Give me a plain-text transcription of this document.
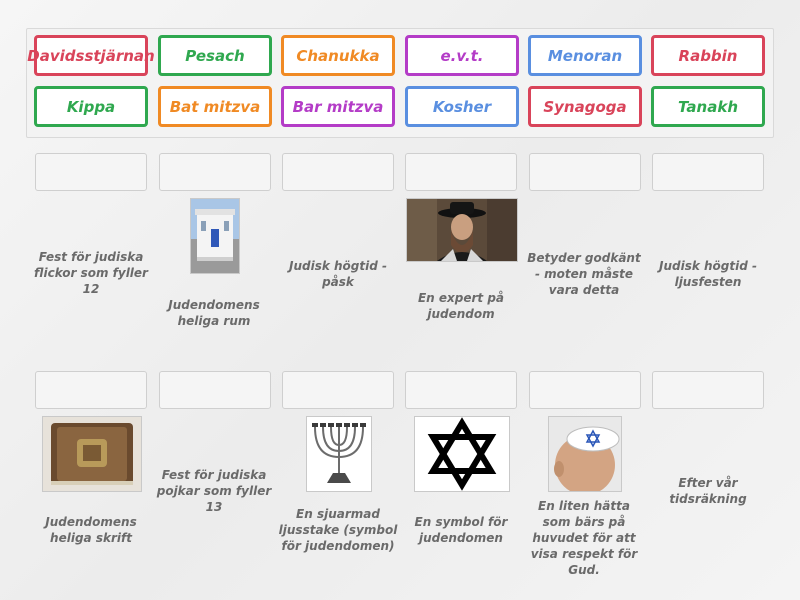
Davidsstjärnan	Pesach	Chanukka	e.v.t.	Menoran	Rabbin
Kippa	Bat mitzva	Bar mitzva	Kosher	Synagoga	Tanakh
Fest för judiska flickor som fyller 12
Judendomens heliga rum
Judisk högtid - påsk
En expert på judendom
Betyder godkänt - moten måste vara detta
Judisk högtid - ljusfesten
Judendomens heliga skrift
Fest för judiska pojkar som fyller 13	En sjuarmad ljusstake (symbol för judendomen)
En symbol för judendomen
En liten hätta som bärs på huvudet för att visa respekt för Gud.
Efter vår tidsräkning
